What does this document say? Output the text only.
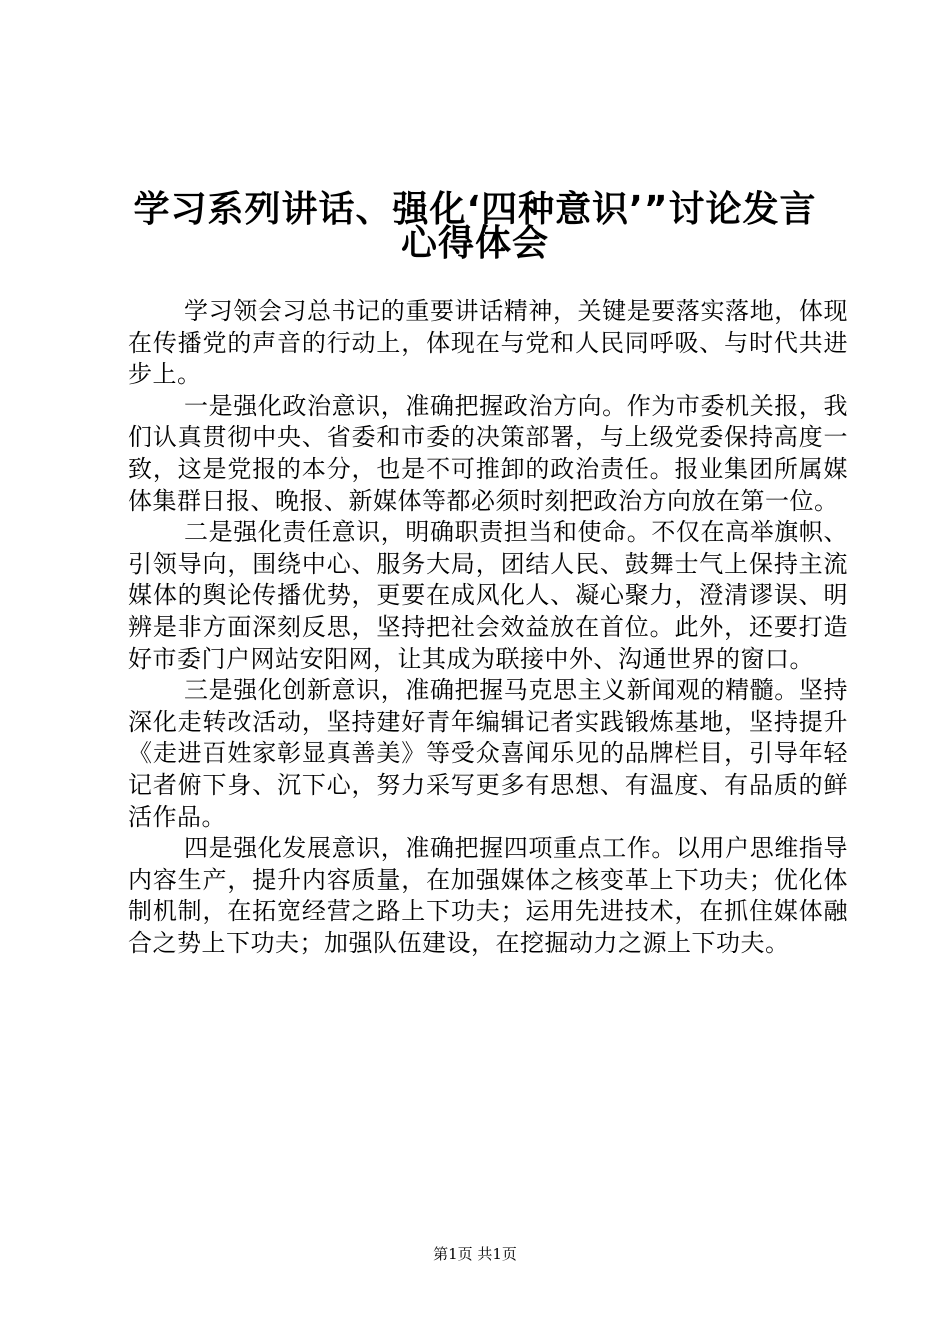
学习系列讲话、强化‘四种意识’”讨论发言
心得体会

学习领会习总书记的重要讲话精神，关键是要落实落地，体现在传播党的声音的行动上，体现在与党和人民同呼吸、与时代共进步上。

一是强化政治意识，准确把握政治方向。作为市委机关报，我们认真贯彻中央、省委和市委的决策部署，与上级党委保持高度一致，这是党报的本分，也是不可推卸的政治责任。报业集团所属媒体集群日报、晚报、新媒体等都必须时刻把政治方向放在第一位。

二是强化责任意识，明确职责担当和使命。不仅在高举旗帜、引领导向，围绕中心、服务大局，团结人民、鼓舞士气上保持主流媒体的舆论传播优势，更要在成风化人、凝心聚力，澄清谬误、明辨是非方面深刻反思，坚持把社会效益放在首位。此外，还要打造好市委门户网站安阳网，让其成为联接中外、沟通世界的窗口。

三是强化创新意识，准确把握马克思主义新闻观的精髓。坚持深化走转改活动，坚持建好青年编辑记者实践锻炼基地，坚持提升《走进百姓家彰显真善美》等受众喜闻乐见的品牌栏目，引导年轻记者俯下身、沉下心，努力采写更多有思想、有温度、有品质的鲜活作品。

四是强化发展意识，准确把握四项重点工作。以用户思维指导内容生产，提升内容质量，在加强媒体之核变革上下功夫；优化体制机制，在拓宽经营之路上下功夫；运用先进技术，在抓住媒体融合之势上下功夫；加强队伍建设，在挖掘动力之源上下功夫。

第1页 共1页
